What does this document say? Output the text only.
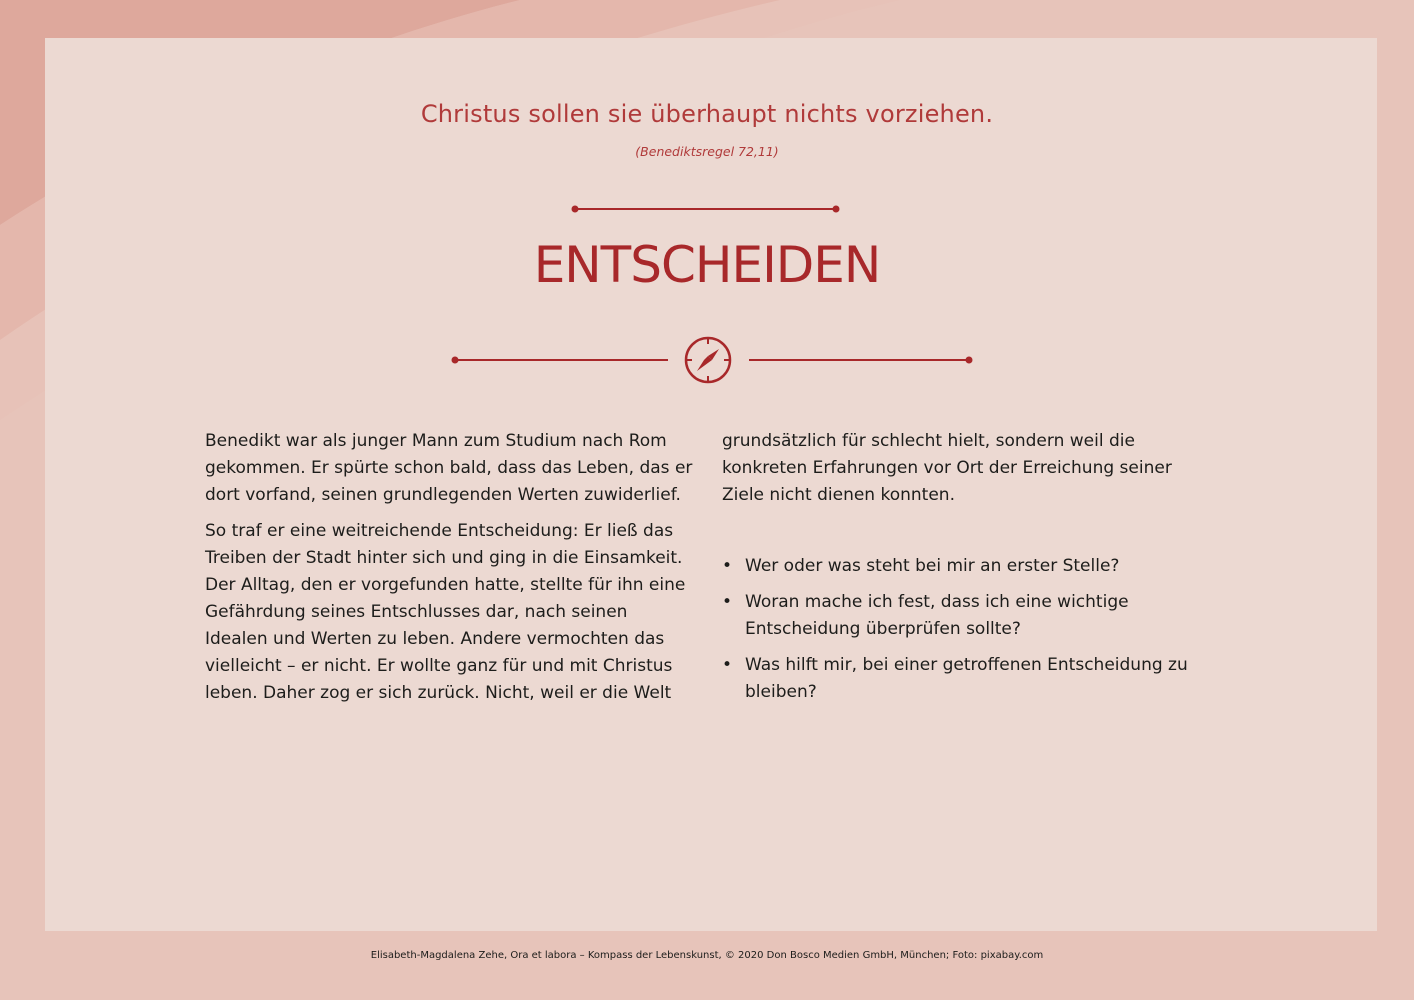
Christus sollen sie überhaupt nichts vorziehen.
(Benediktsregel 72,11)
ENTSCHEIDEN

Benedikt war als junger Mann zum Studium nach Rom gekommen. Er spürte schon bald, dass das Leben, das er dort vorfand, seinen grundlegenden Werten zuwiderlief.

So traf er eine weitreichende Entscheidung: Er ließ das Treiben der Stadt hinter sich und ging in die Einsamkeit. Der Alltag, den er vorgefunden hatte, stellte für ihn eine Gefährdung seines Entschlusses dar, nach seinen Idealen und Werten zu leben. Andere vermochten das vielleicht – er nicht. Er wollte ganz für und mit Christus leben. Daher zog er sich zurück. Nicht, weil er die Welt

grundsätzlich für schlecht hielt, sondern weil die konkreten Erfahrungen vor Ort der Erreichung seiner Ziele nicht dienen konnten.

• Wer oder was steht bei mir an erster Stelle?
• Woran mache ich fest, dass ich eine wichtige Entscheidung überprüfen sollte?
• Was hilft mir, bei einer getroffenen Entscheidung zu bleiben?
Elisabeth-Magdalena Zehe, Ora et labora – Kompass der Lebenskunst, © 2020 Don Bosco Medien GmbH, München; Foto: pixabay.com
